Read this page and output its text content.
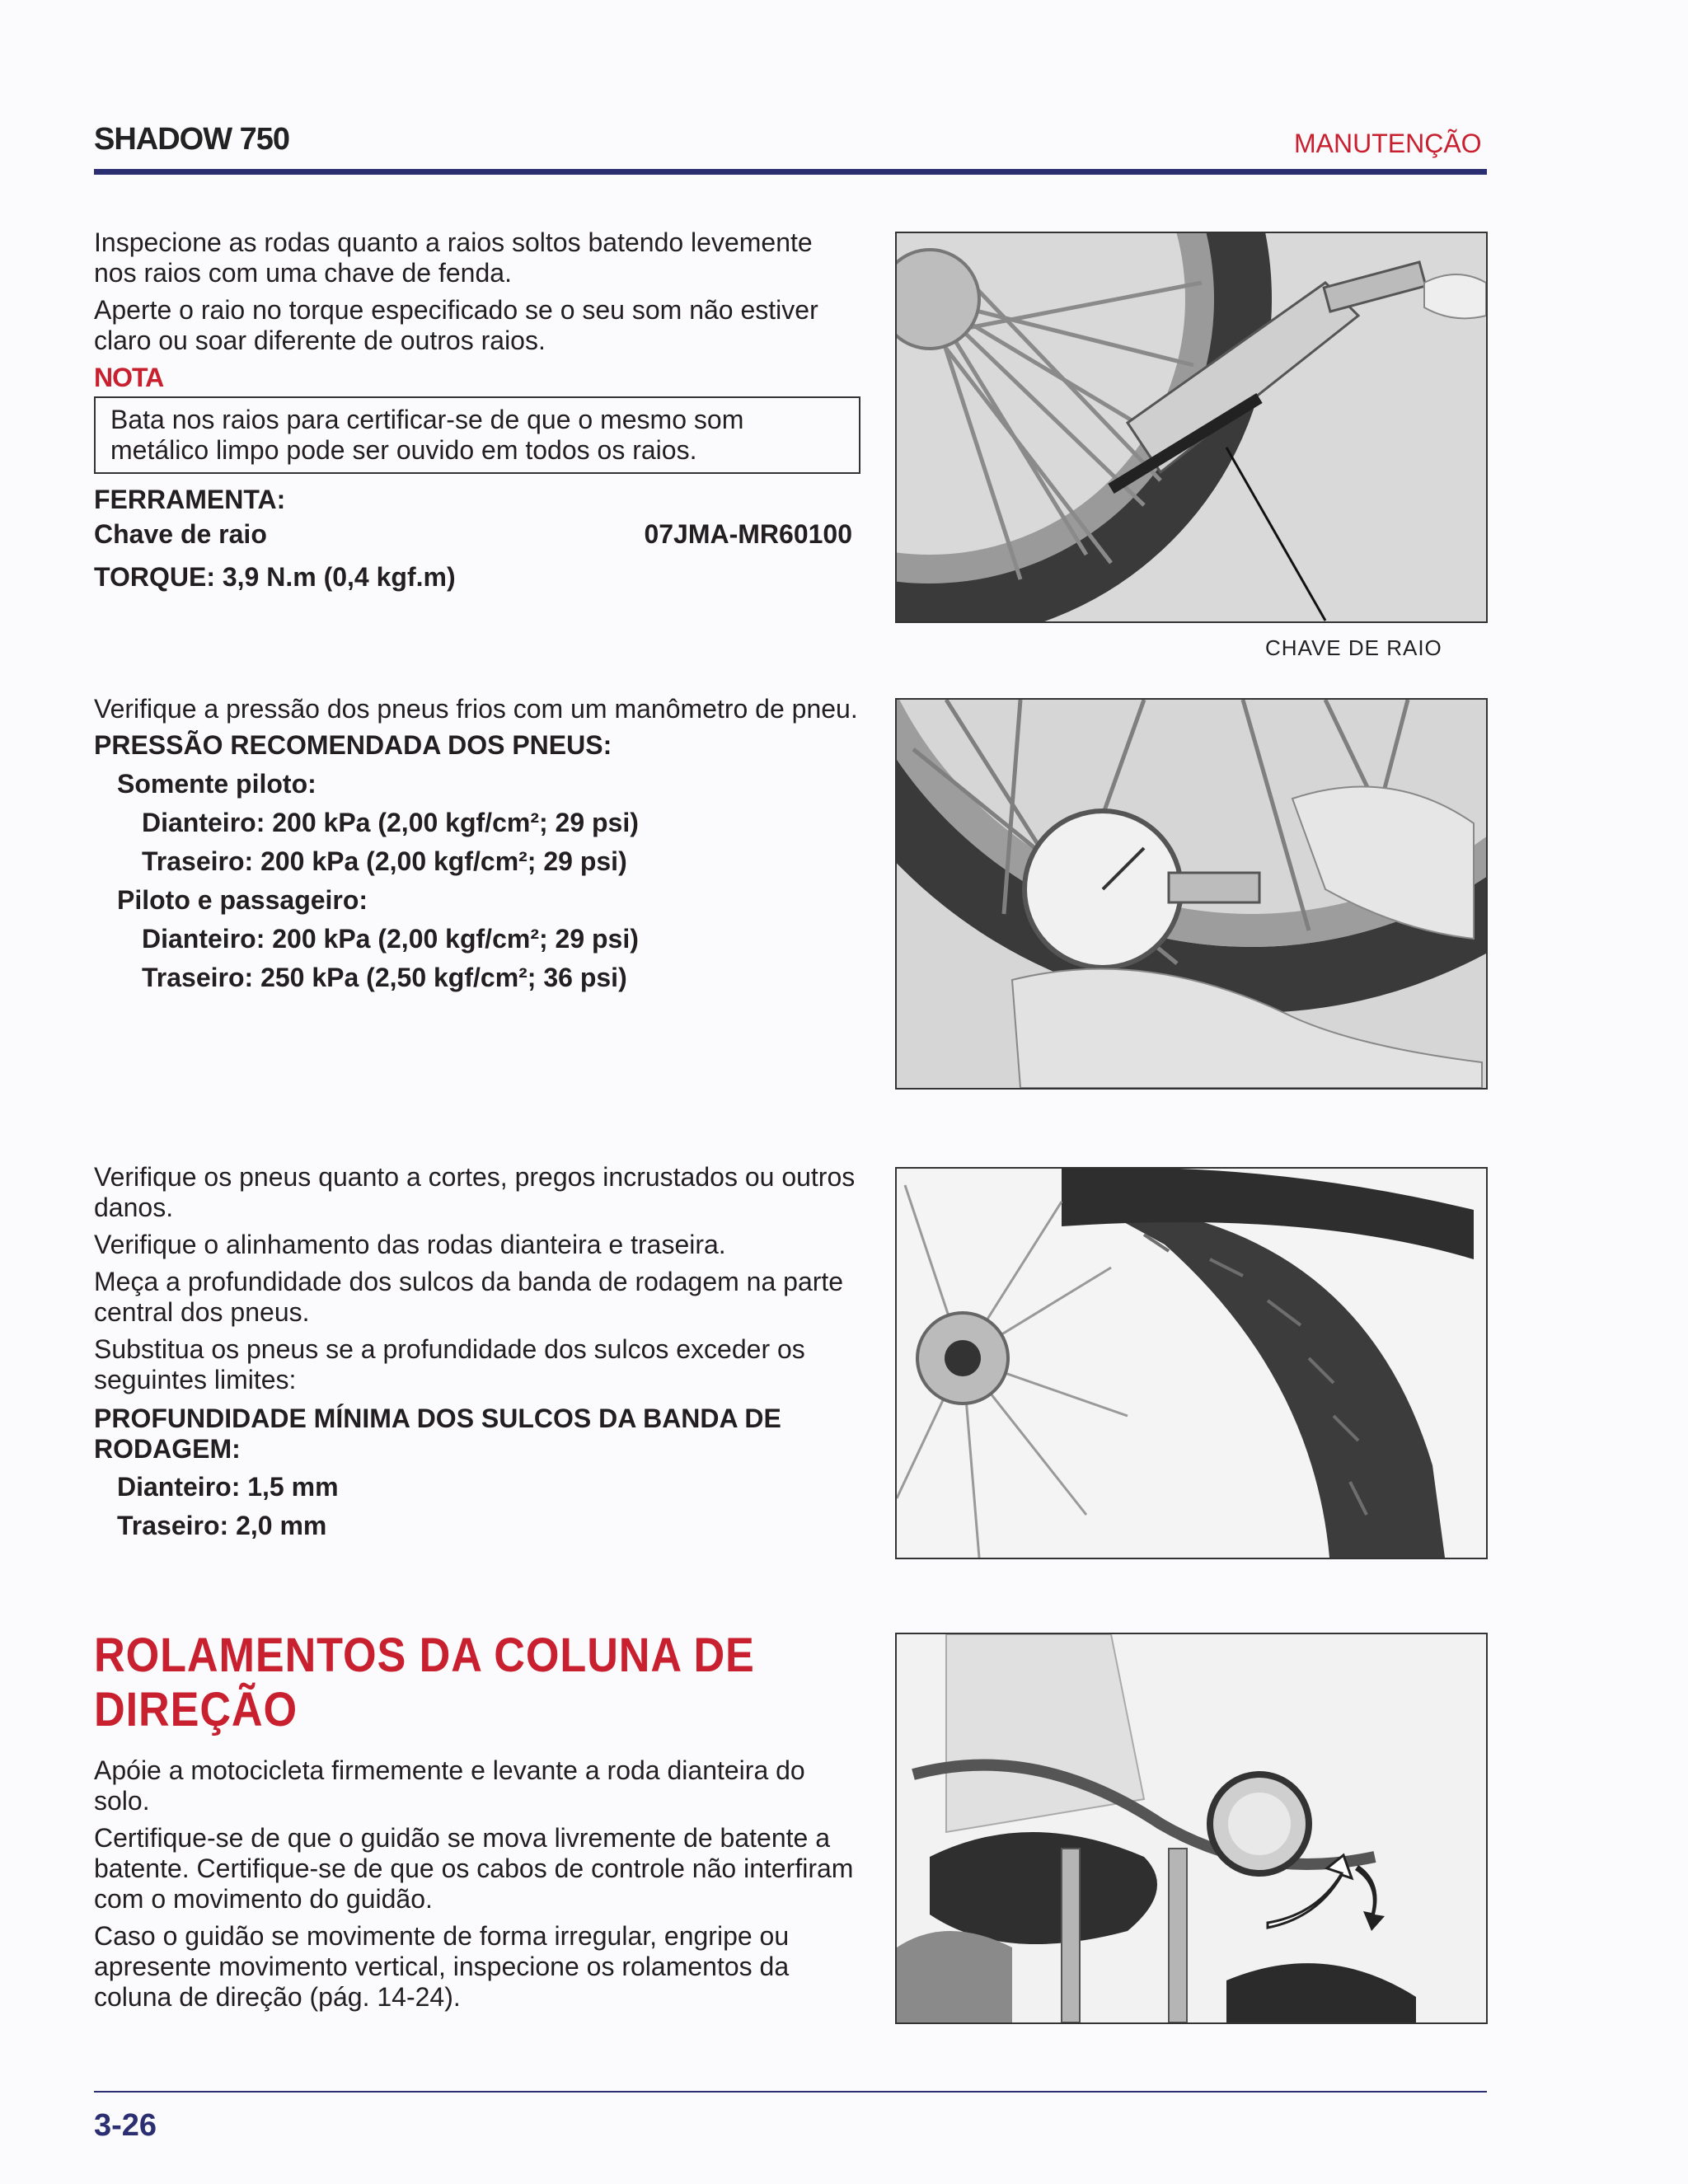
SHADOW 750	MANUTENÇÃO

Inspecione as rodas quanto a raios soltos batendo levemente nos raios com uma chave de fenda.

Aperte o raio no torque especificado se o seu som não estiver claro ou soar diferente de outros raios.

NOTA
Bata nos raios para certificar-se de que o mesmo som metálico limpo pode ser ouvido em todos os raios.

FERRAMENTA:

Chave de raio	07JMA-MR60100

TORQUE: 3,9 N.m (0,4 kgf.m)

CHAVE DE RAIO

Verifique a pressão dos pneus frios com um manômetro de pneu.

PRESSÃO RECOMENDADA DOS PNEUS:

Somente piloto:

Dianteiro: 200 kPa (2,00 kgf/cm²; 29 psi)

Traseiro: 200 kPa (2,00 kgf/cm²; 29 psi)

Piloto e passageiro:

Dianteiro: 200 kPa (2,00 kgf/cm²; 29 psi)

Traseiro: 250 kPa (2,50 kgf/cm²; 36 psi)

Verifique os pneus quanto a cortes, pregos incrustados ou outros danos.

Verifique o alinhamento das rodas dianteira e traseira.

Meça a profundidade dos sulcos da banda de rodagem na parte central dos pneus.

Substitua os pneus se a profundidade dos sulcos exceder os seguintes limites:

PROFUNDIDADE MÍNIMA DOS SULCOS DA BANDA DE RODAGEM:

Dianteiro: 1,5 mm

Traseiro: 2,0 mm

ROLAMENTOS DA COLUNA DE DIREÇÃO

Apóie a motocicleta firmemente e levante a roda dianteira do solo.

Certifique-se de que o guidão se mova livremente de batente a batente. Certifique-se de que os cabos de controle não interfiram com o movimento do guidão.

Caso o guidão se movimente de forma irregular, engripe ou apresente movimento vertical, inspecione os rolamentos da coluna de direção (pág. 14-24).

3-26
